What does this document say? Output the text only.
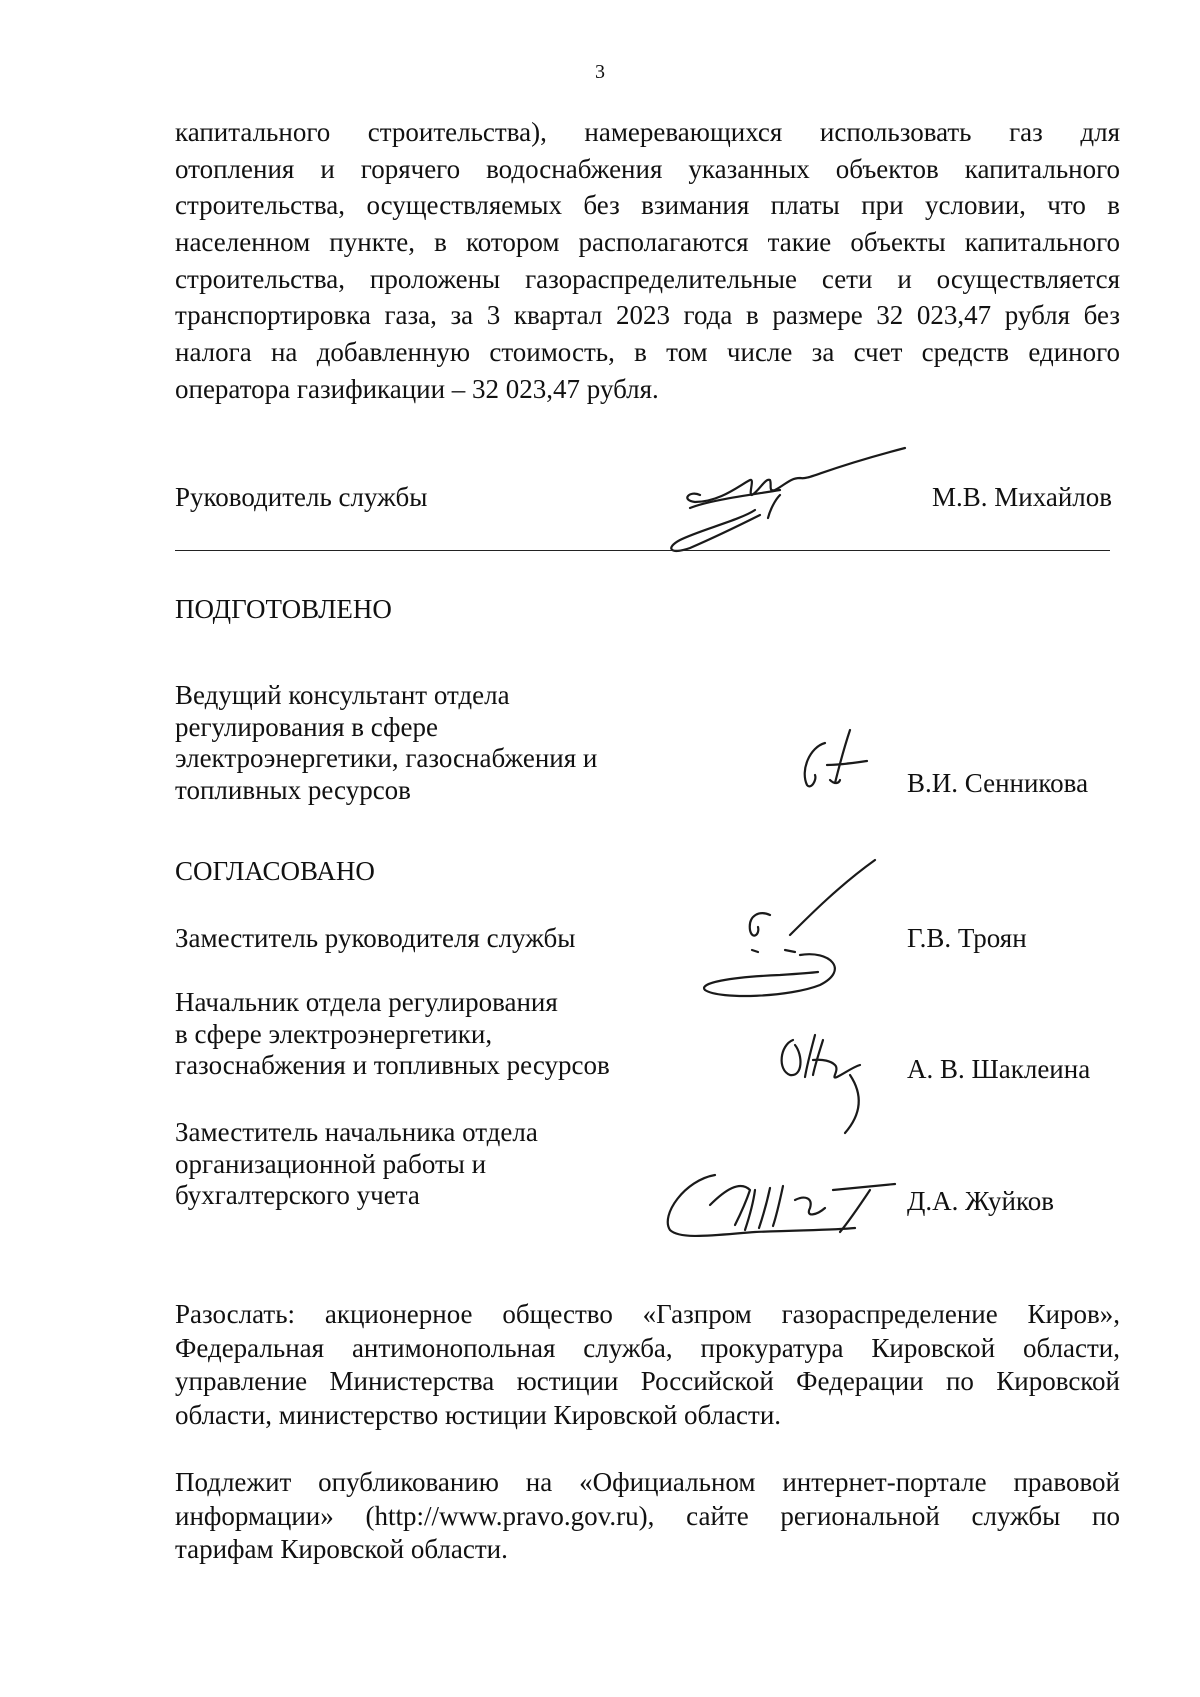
3
капитального строительства), намеревающихся использовать газ для
отопления и горячего водоснабжения указанных объектов капитального
строительства, осуществляемых без взимания платы при условии, что в
населенном пункте, в котором располагаются такие объекты капитального
строительства, проложены газораспределительные сети и осуществляется
транспортировка газа, за 3 квартал 2023 года в размере 32 023,47 рубля без
налога на добавленную стоимость, в том числе за счет средств единого
оператора газификации – 32 023,47 рубля.
Руководитель службы	М.В. Михайлов
ПОДГОТОВЛЕНО
Ведущий консультант отдела
регулирования в сфере
электроэнергетики, газоснабжения и
топливных ресурсов	В.И. Сенникова
СОГЛАСОВАНО
Заместитель руководителя службы	Г.В. Троян
Начальник отдела регулирования
в сфере электроэнергетики,
газоснабжения и топливных ресурсов	А. В. Шаклеина
Заместитель начальника отдела
организационной работы и
бухгалтерского учета	Д.А. Жуйков
Разослать: акционерное общество «Газпром газораспределение Киров»,
Федеральная антимонопольная служба, прокуратура Кировской области,
управление Министерства юстиции Российской Федерации по Кировской
области, министерство юстиции Кировской области.
Подлежит опубликованию на «Официальном интернет-портале правовой
информации» (http://www.pravo.gov.ru), сайте региональной службы по
тарифам Кировской области.
